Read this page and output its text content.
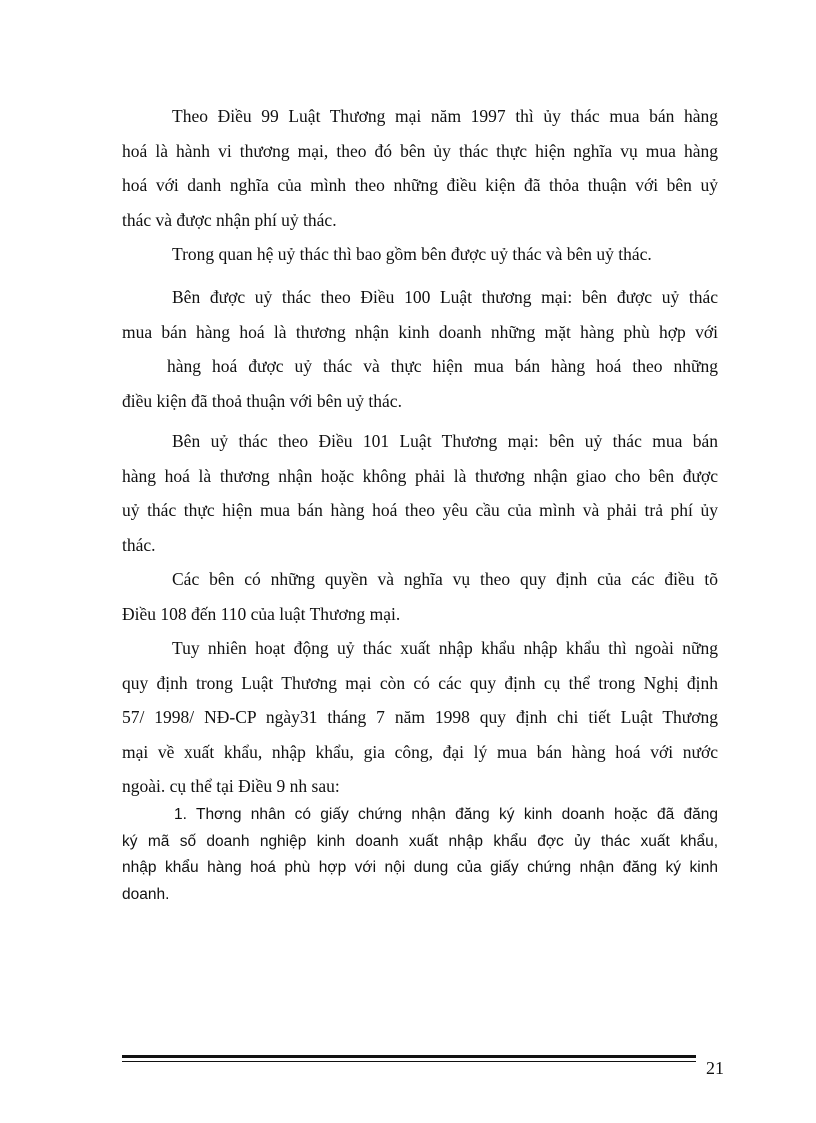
Theo Điều 99 Luật Thương mại năm 1997 thì ủy thác mua bán hàng
hoá là hành vi thương mại, theo đó bên ủy thác thực hiện nghĩa vụ mua hàng
hoá với danh nghĩa của mình theo những điều kiện đã thỏa thuận với bên uỷ
thác và được nhận phí uỷ thác.
Trong quan hệ uỷ thác thì bao gồm bên được uỷ thác và bên uỷ thác.
Bên được uỷ thác theo Điều 100 Luật thương mại: bên được uỷ thác
mua bán hàng hoá là thương nhận kinh doanh những mặt hàng phù hợp với
hàng hoá được uỷ thác và thực hiện mua bán hàng hoá theo những
điều kiện đã thoả thuận với bên uỷ thác.
Bên uỷ thác theo Điều 101 Luật Thương mại: bên uỷ thác mua bán
hàng hoá là thương nhận hoặc không phải là thương nhận giao cho bên được
uỷ thác thực hiện mua bán hàng hoá theo yêu cầu của mình và phải trả phí ủy
thác.
Các bên có những quyền và nghĩa vụ theo quy định của các điều tõ
Điều 108 đến 110 của luật Thương mại.
Tuy nhiên hoạt động uỷ thác xuất nhập khẩu nhập khẩu thì ngoài nững
quy định trong Luật Thương mại còn có các quy định cụ thể trong Nghị định
57/ 1998/ NĐ-CP ngày31 tháng 7 năm 1998 quy định chi tiết Luật Thương
mại về xuất khẩu, nhập khẩu, gia công, đại lý mua bán hàng hoá với nước
ngoài. cụ thể tại Điều 9 nh sau:
1. Thơng nhân có giấy chứng nhận đăng ký kinh doanh hoặc đã đăng
ký mã số doanh nghiệp kinh doanh xuất nhập khẩu đợc ủy thác xuất khẩu,
nhập khẩu hàng hoá phù hợp với nội dung của giấy chứng nhận đăng ký kinh
doanh.
21
